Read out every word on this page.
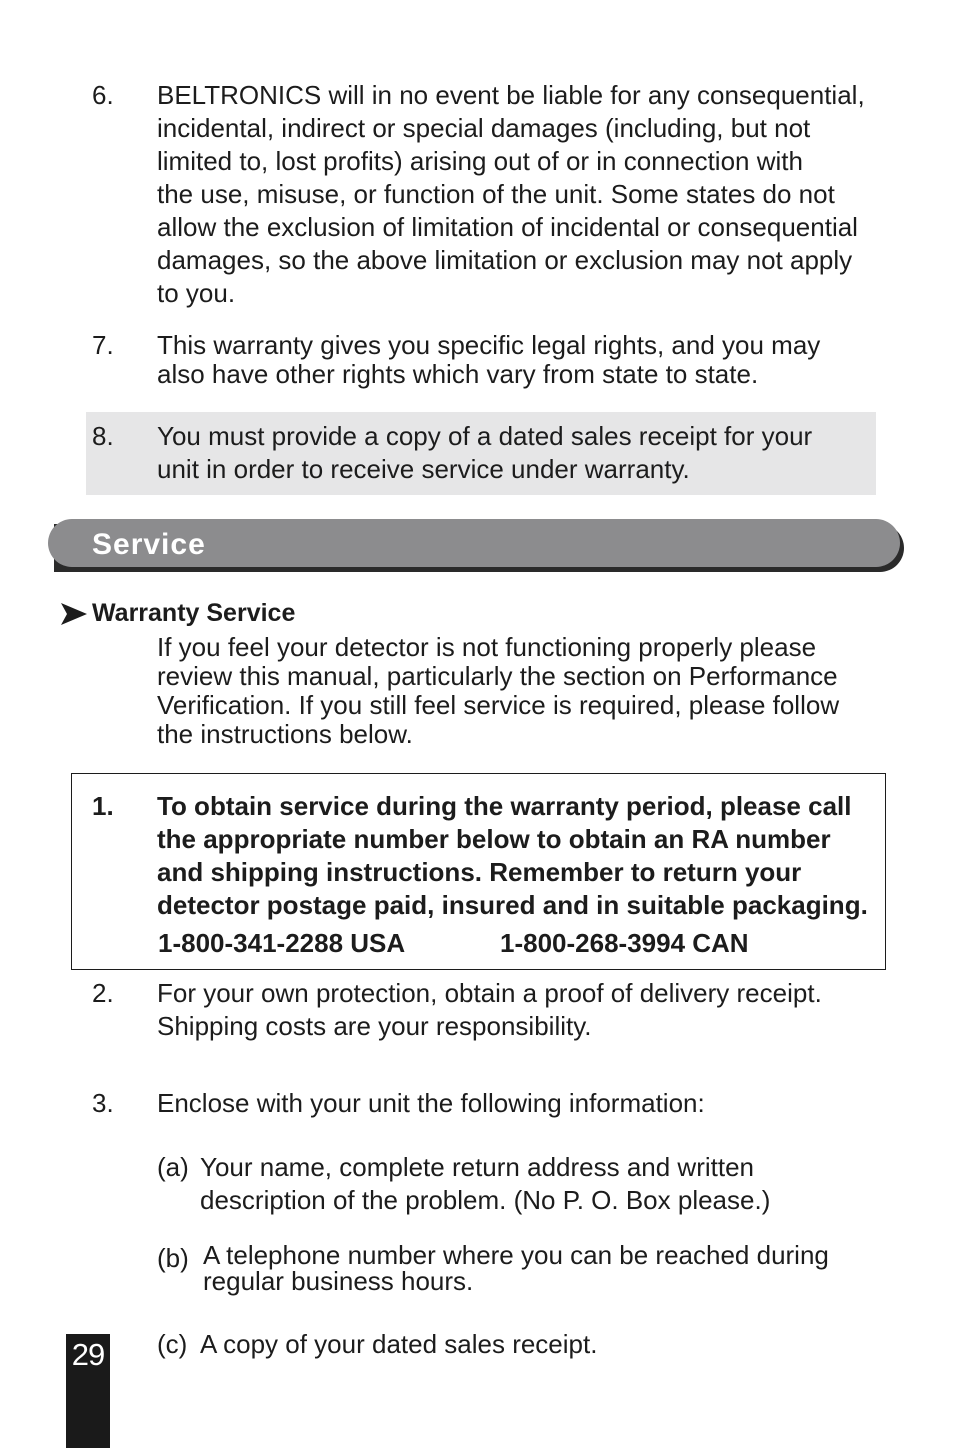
6. BELTRONICS will in no event be liable for any consequential,
incidental, indirect or special damages (including, but not
limited to, lost profits) arising out of or in connection with
the use, misuse, or function of the unit. Some states do not
allow the exclusion of limitation of incidental or consequential
damages, so the above limitation or exclusion may not apply
to you.
7. This warranty gives you specific legal rights, and you may
also have other rights which vary from state to state.
8. You must provide a copy of a dated sales receipt for your
unit in order to receive service under warranty.
Service
Warranty Service
If you feel your detector is not functioning properly please
review this manual, particularly the section on Performance
Verification. If you still feel service is required, please follow
the instructions below.
1. To obtain service during the warranty period, please call
the appropriate number below to obtain an RA number
and shipping instructions. Remember to return your
detector postage paid, insured and in suitable packaging.
1-800-341-2288 USA	1-800-268-3994 CAN
2. For your own protection, obtain a proof of delivery receipt.
Shipping costs are your responsibility.
3. Enclose with your unit the following information:
(a) Your name, complete return address and written
description of the problem. (No P. O. Box please.)
(b) A telephone number where you can be reached during
regular business hours.
(c) A copy of your dated sales receipt.
29
